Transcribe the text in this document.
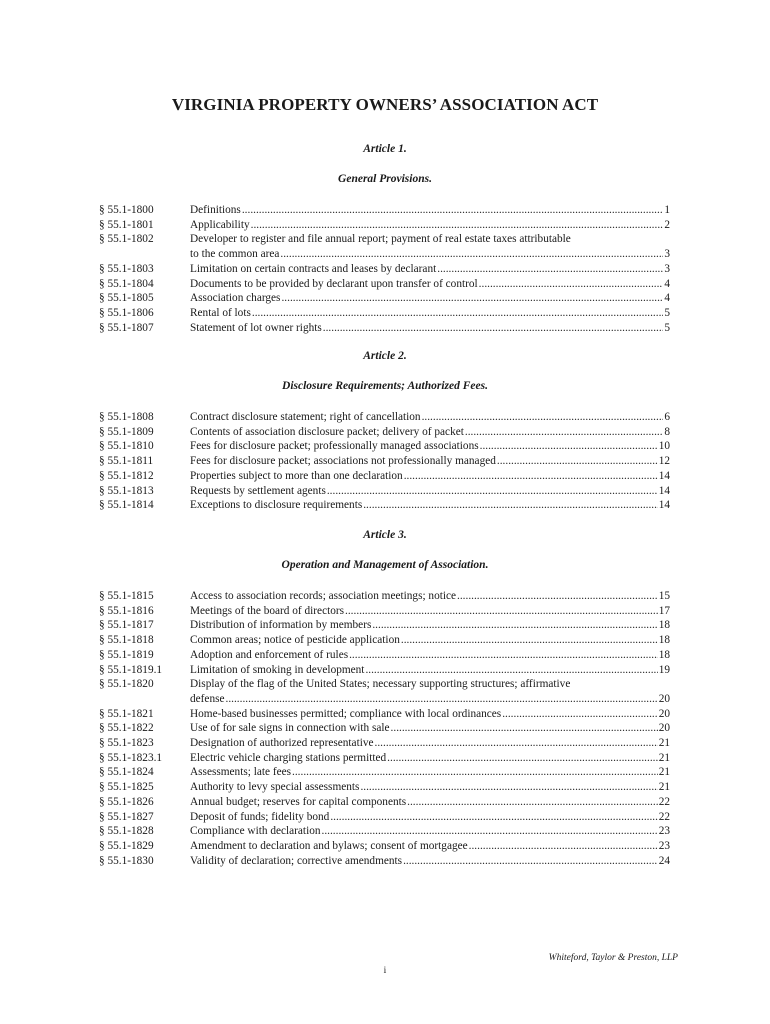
VIRGINIA PROPERTY OWNERS’ ASSOCIATION ACT
Article 1.
General Provisions.
§ 55.1-1800	Definitions .....	1
§ 55.1-1801	Applicability .....	2
§ 55.1-1802	Developer to register and file annual report; payment of real estate taxes attributable
to the common area .....	3
§ 55.1-1803	Limitation on certain contracts and leases by declarant .....	3
§ 55.1-1804	Documents to be provided by declarant upon transfer of control .....	4
§ 55.1-1805	Association charges .....	4
§ 55.1-1806	Rental of lots .....	5
§ 55.1-1807	Statement of lot owner rights .....	5
Article 2.
Disclosure Requirements; Authorized Fees.
§ 55.1-1808	Contract disclosure statement; right of cancellation .....	6
§ 55.1-1809	Contents of association disclosure packet; delivery of packet .....	8
§ 55.1-1810	Fees for disclosure packet; professionally managed associations .....	10
§ 55.1-1811	Fees for disclosure packet; associations not professionally managed .....	12
§ 55.1-1812	Properties subject to more than one declaration .....	14
§ 55.1-1813	Requests by settlement agents .....	14
§ 55.1-1814	Exceptions to disclosure requirements .....	14
Article 3.
Operation and Management of Association.
§ 55.1-1815	Access to association records; association meetings; notice .....	15
§ 55.1-1816	Meetings of the board of directors .....	17
§ 55.1-1817	Distribution of information by members .....	18
§ 55.1-1818	Common areas; notice of pesticide application .....	18
§ 55.1-1819	Adoption and enforcement of rules .....	18
§ 55.1-1819.1 Limitation of smoking in development .....	19
§ 55.1-1820	Display of the flag of the United States; necessary supporting structures; affirmative
defense .....	20
§ 55.1-1821	Home-based businesses permitted; compliance with local ordinances .....	20
§ 55.1-1822	Use of for sale signs in connection with sale .....	20
§ 55.1-1823	Designation of authorized representative .....	21
§ 55.1-1823.1 Electric vehicle charging stations permitted .....	21
§ 55.1-1824	Assessments; late fees .....	21
§ 55.1-1825	Authority to levy special assessments .....	21
§ 55.1-1826	Annual budget; reserves for capital components .....	22
§ 55.1-1827	Deposit of funds; fidelity bond .....	22
§ 55.1-1828	Compliance with declaration .....	23
§ 55.1-1829	Amendment to declaration and bylaws; consent of mortgagee .....	23
§ 55.1-1830	Validity of declaration; corrective amendments .....	24
Whiteford, Taylor & Preston, LLP
i
